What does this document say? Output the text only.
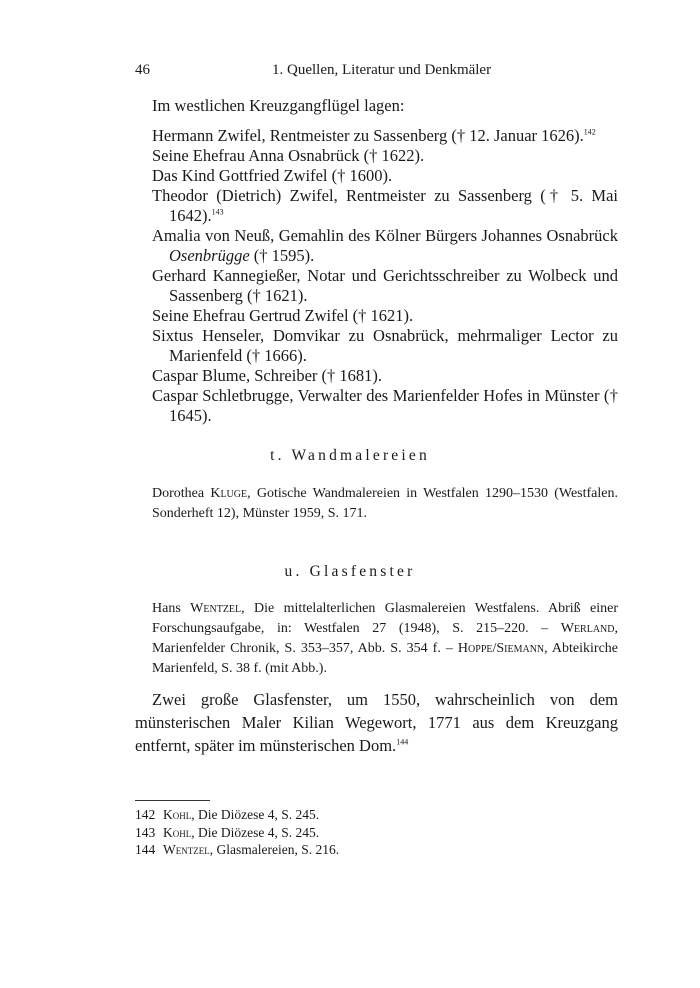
46	1. Quellen, Literatur und Denkmäler
Im westlichen Kreuzgangflügel lagen:

Hermann Zwifel, Rentmeister zu Sassenberg († 12. Januar 1626).$^{142}$

Seine Ehefrau Anna Osnabrück († 1622).

Das Kind Gottfried Zwifel († 1600).

Theodor (Dietrich) Zwifel, Rentmeister zu Sassenberg († 5. Mai 1642).$^{143}$

Amalia von Neuß, Gemahlin des Kölner Bürgers Johannes Osnabrück Osenbrügge († 1595).

Gerhard Kannegießer, Notar und Gerichtsschreiber zu Wolbeck und Sassenberg († 1621).

Seine Ehefrau Gertrud Zwifel († 1621).

Sixtus Henseler, Domvikar zu Osnabrück, mehrmaliger Lector zu Marienfeld († 1666).

Caspar Blume, Schreiber († 1681).

Caspar Schletbrugge, Verwalter des Marienfelder Hofes in Münster († 1645).

t. Wandmalereien
Dorothea Kluge, Gotische Wandmalereien in Westfalen 1290–1530 (Westfalen. Sonderheft 12), Münster 1959, S. 171.
u. Glasfenster
Hans Wentzel, Die mittelalterlichen Glasmalereien Westfalens. Abriß einer Forschungsaufgabe, in: Westfalen 27 (1948), S. 215–220. – Werland, Marienfelder Chronik, S. 353–357, Abb. S. 354 f. – Hoppe/Siemann, Abteikirche Marienfeld, S. 38 f. (mit Abb.).

Zwei große Glasfenster, um 1550, wahrscheinlich von dem münsterischen Maler Kilian Wegewort, 1771 aus dem Kreuzgang entfernt, später im münsterischen Dom.$^{144}$

142 Kohl, Die Diözese 4, S. 245.

143 Kohl, Die Diözese 4, S. 245.

144 Wentzel, Glasmalereien, S. 216.
